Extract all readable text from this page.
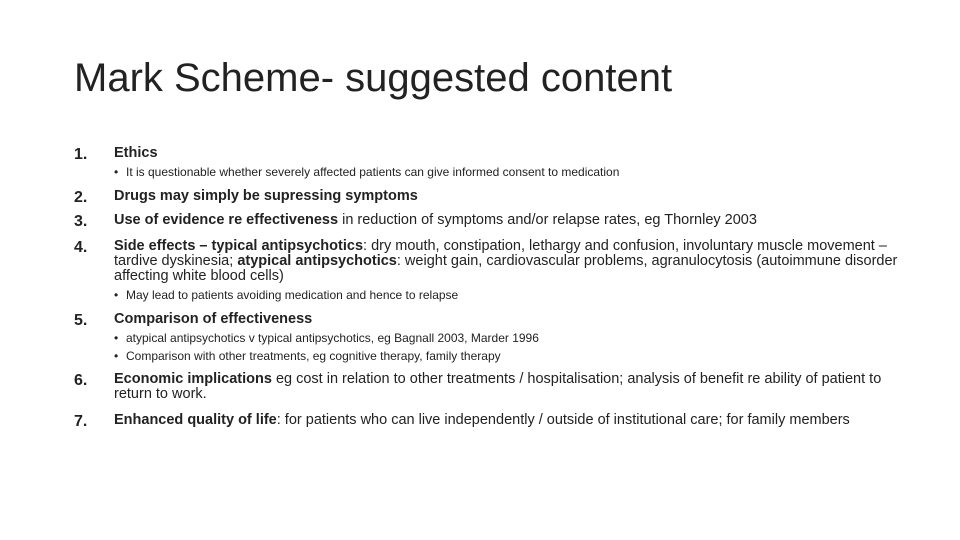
Mark Scheme- suggested content
1. Ethics
• It is questionable whether severely affected patients can give informed consent to medication
2. Drugs may simply be supressing symptoms
3. Use of evidence re effectiveness in reduction of symptoms and/or relapse rates, eg Thornley 2003
4. Side effects – typical antipsychotics: dry mouth, constipation, lethargy and confusion, involuntary muscle movement – tardive dyskinesia; atypical antipsychotics: weight gain, cardiovascular problems, agranulocytosis (autoimmune disorder affecting white blood cells)
• May lead to patients avoiding medication and hence to relapse
5. Comparison of effectiveness
• atypical antipsychotics v typical antipsychotics, eg Bagnall 2003, Marder 1996
• Comparison with other treatments, eg cognitive therapy, family therapy
6. Economic implications eg cost in relation to other treatments / hospitalisation; analysis of benefit re ability of patient to return to work.
7. Enhanced quality of life: for patients who can live independently / outside of institutional care; for family members
